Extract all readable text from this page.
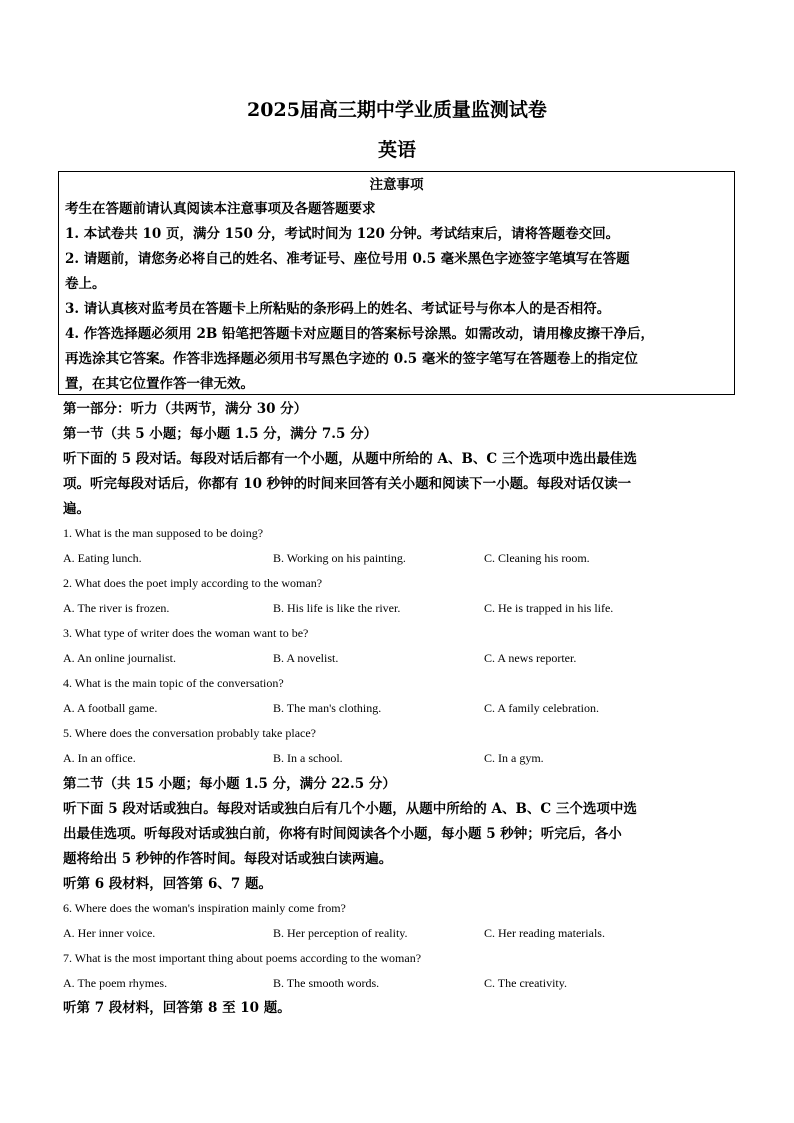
2025届高三期中学业质量监测试卷
英语
注意事项
考生在答题前请认真阅读本注意事项及各题答题要求
1. 本试卷共 10 页，满分 150 分，考试时间为 120 分钟。考试结束后，请将答题卷交回。
2. 请题前，请您务必将自己的姓名、准考证号、座位号用 0.5 毫米黑色字迹签字笔填写在答题
卷上。
3. 请认真核对监考员在答题卡上所粘贴的条形码上的姓名、考试证号与你本人的是否相符。
4. 作答选择题必须用 2B 铅笔把答题卡对应题目的答案标号涂黑。如需改动，请用橡皮擦干净后，
再选涂其它答案。作答非选择题必须用书写黑色字迹的 0.5 毫米的签字笔写在答题卷上的指定位
置，在其它位置作答一律无效。
第一部分：听力（共两节，满分 30 分）
第一节（共 5 小题；每小题 1.5 分，满分 7.5 分）
听下面的 5 段对话。每段对话后都有一个小题，从题中所给的 A、B、C 三个选项中选出最佳选
项。听完每段对话后，你都有 10 秒钟的时间来回答有关小题和阅读下一小题。每段对话仅读一
遍。
1. What is the man supposed to be doing?
A. Eating lunch.	B. Working on his painting.	C. Cleaning his room.
2. What does the poet imply according to the woman?
A. The river is frozen.	B. His life is like the river.	C. He is trapped in his life.
3. What type of writer does the woman want to be?
A. An online journalist.	B. A novelist.	C. A news reporter.
4. What is the main topic of the conversation?
A. A football game.	B. The man's clothing.	C. A family celebration.
5. Where does the conversation probably take place?
A. In an office.	B. In a school.	C. In a gym.
第二节（共 15 小题；每小题 1.5 分，满分 22.5 分）
听下面 5 段对话或独白。每段对话或独白后有几个小题，从题中所给的 A、B、C 三个选项中选
出最佳选项。听每段对话或独白前，你将有时间阅读各个小题，每小题 5 秒钟；听完后，各小
题将给出 5 秒钟的作答时间。每段对话或独白读两遍。
听第 6 段材料，回答第 6、7 题。
6. Where does the woman's inspiration mainly come from?
A. Her inner voice.	B. Her perception of reality.	C. Her reading materials.
7. What is the most important thing about poems according to the woman?
A. The poem rhymes.	B. The smooth words.	C. The creativity.
听第 7 段材料，回答第 8 至 10 题。
